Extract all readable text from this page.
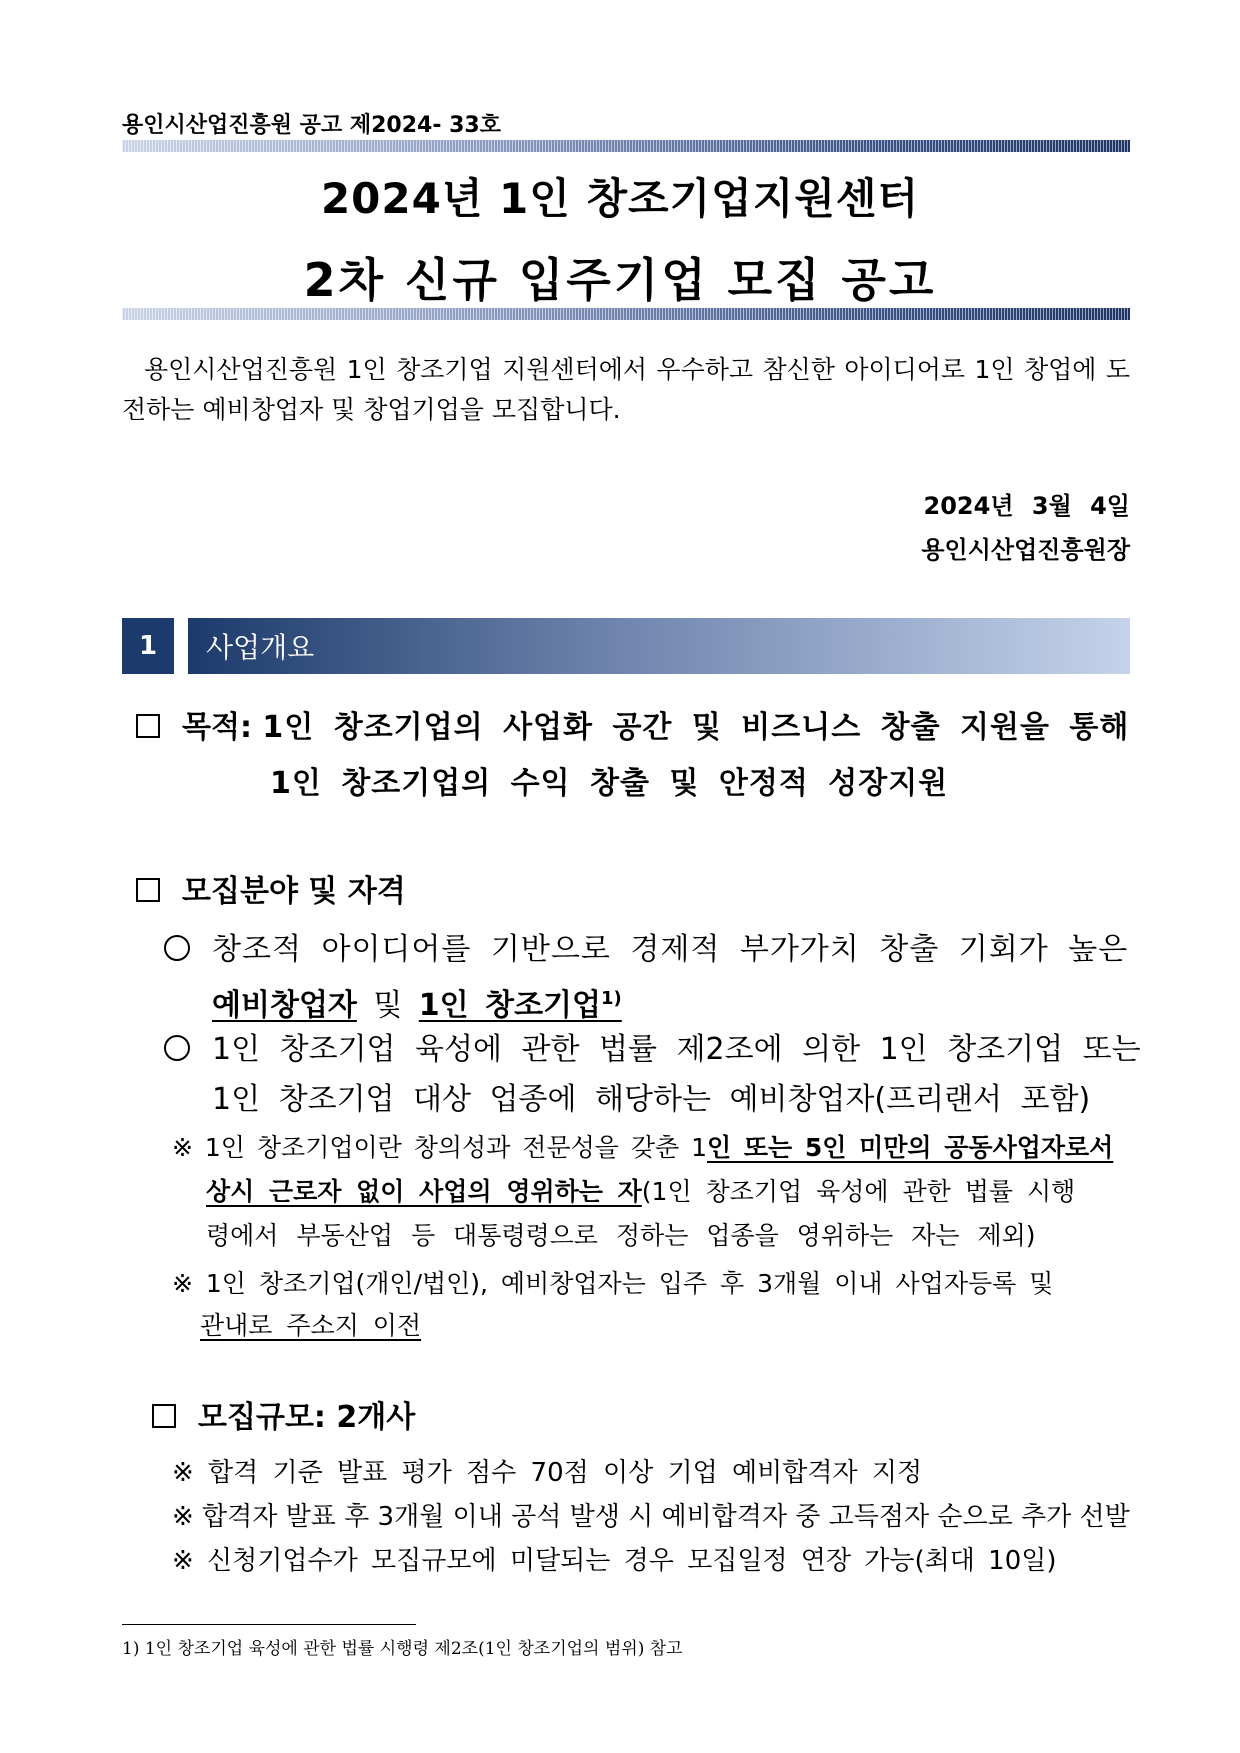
용인시산업진흥원 공고 제2024- 33호
2024년 1인 창조기업지원센터
2차 신규 입주기업 모집 공고
용인시산업진흥원 1인 창조기업 지원센터에서 우수하고 참신한 아이디어로 1인 창업에 도전하는 예비창업자 및 창업기업을 모집합니다.
2024년 3월 4일
용인시산업진흥원장
1	사업개요
목적: 1인 창조기업의 사업화 공간 및 비즈니스 창출 지원을 통해
1인 창조기업의 수익 창출 및 안정적 성장지원
모집분야 및 자격
창조적 아이디어를 기반으로 경제적 부가가치 창출 기회가 높은
예비창업자 및 1인 창조기업$^{1)}$
1인 창조기업 육성에 관한 법률 제2조에 의한 1인 창조기업 또는
1인 창조기업 대상 업종에 해당하는 예비창업자(프리랜서 포함)
※ 1인 창조기업이란 창의성과 전문성을 갖춘 1인 또는 5인 미만의 공동사업자로서
상시 근로자 없이 사업의 영위하는 자(1인 창조기업 육성에 관한 법률 시행
령에서 부동산업 등 대통령령으로 정하는 업종을 영위하는 자는 제외)
※ 1인 창조기업(개인/법인), 예비창업자는 입주 후 3개월 이내 사업자등록 및
관내로 주소지 이전
모집규모: 2개사
※ 합격 기준 발표 평가 점수 70점 이상 기업 예비합격자 지정
※ 합격자 발표 후 3개월 이내 공석 발생 시 예비합격자 중 고득점자 순으로 추가 선발
※ 신청기업수가 모집규모에 미달되는 경우 모집일정 연장 가능(최대 10일)
1) 1인 창조기업 육성에 관한 법률 시행령 제2조(1인 창조기업의 범위) 참고
